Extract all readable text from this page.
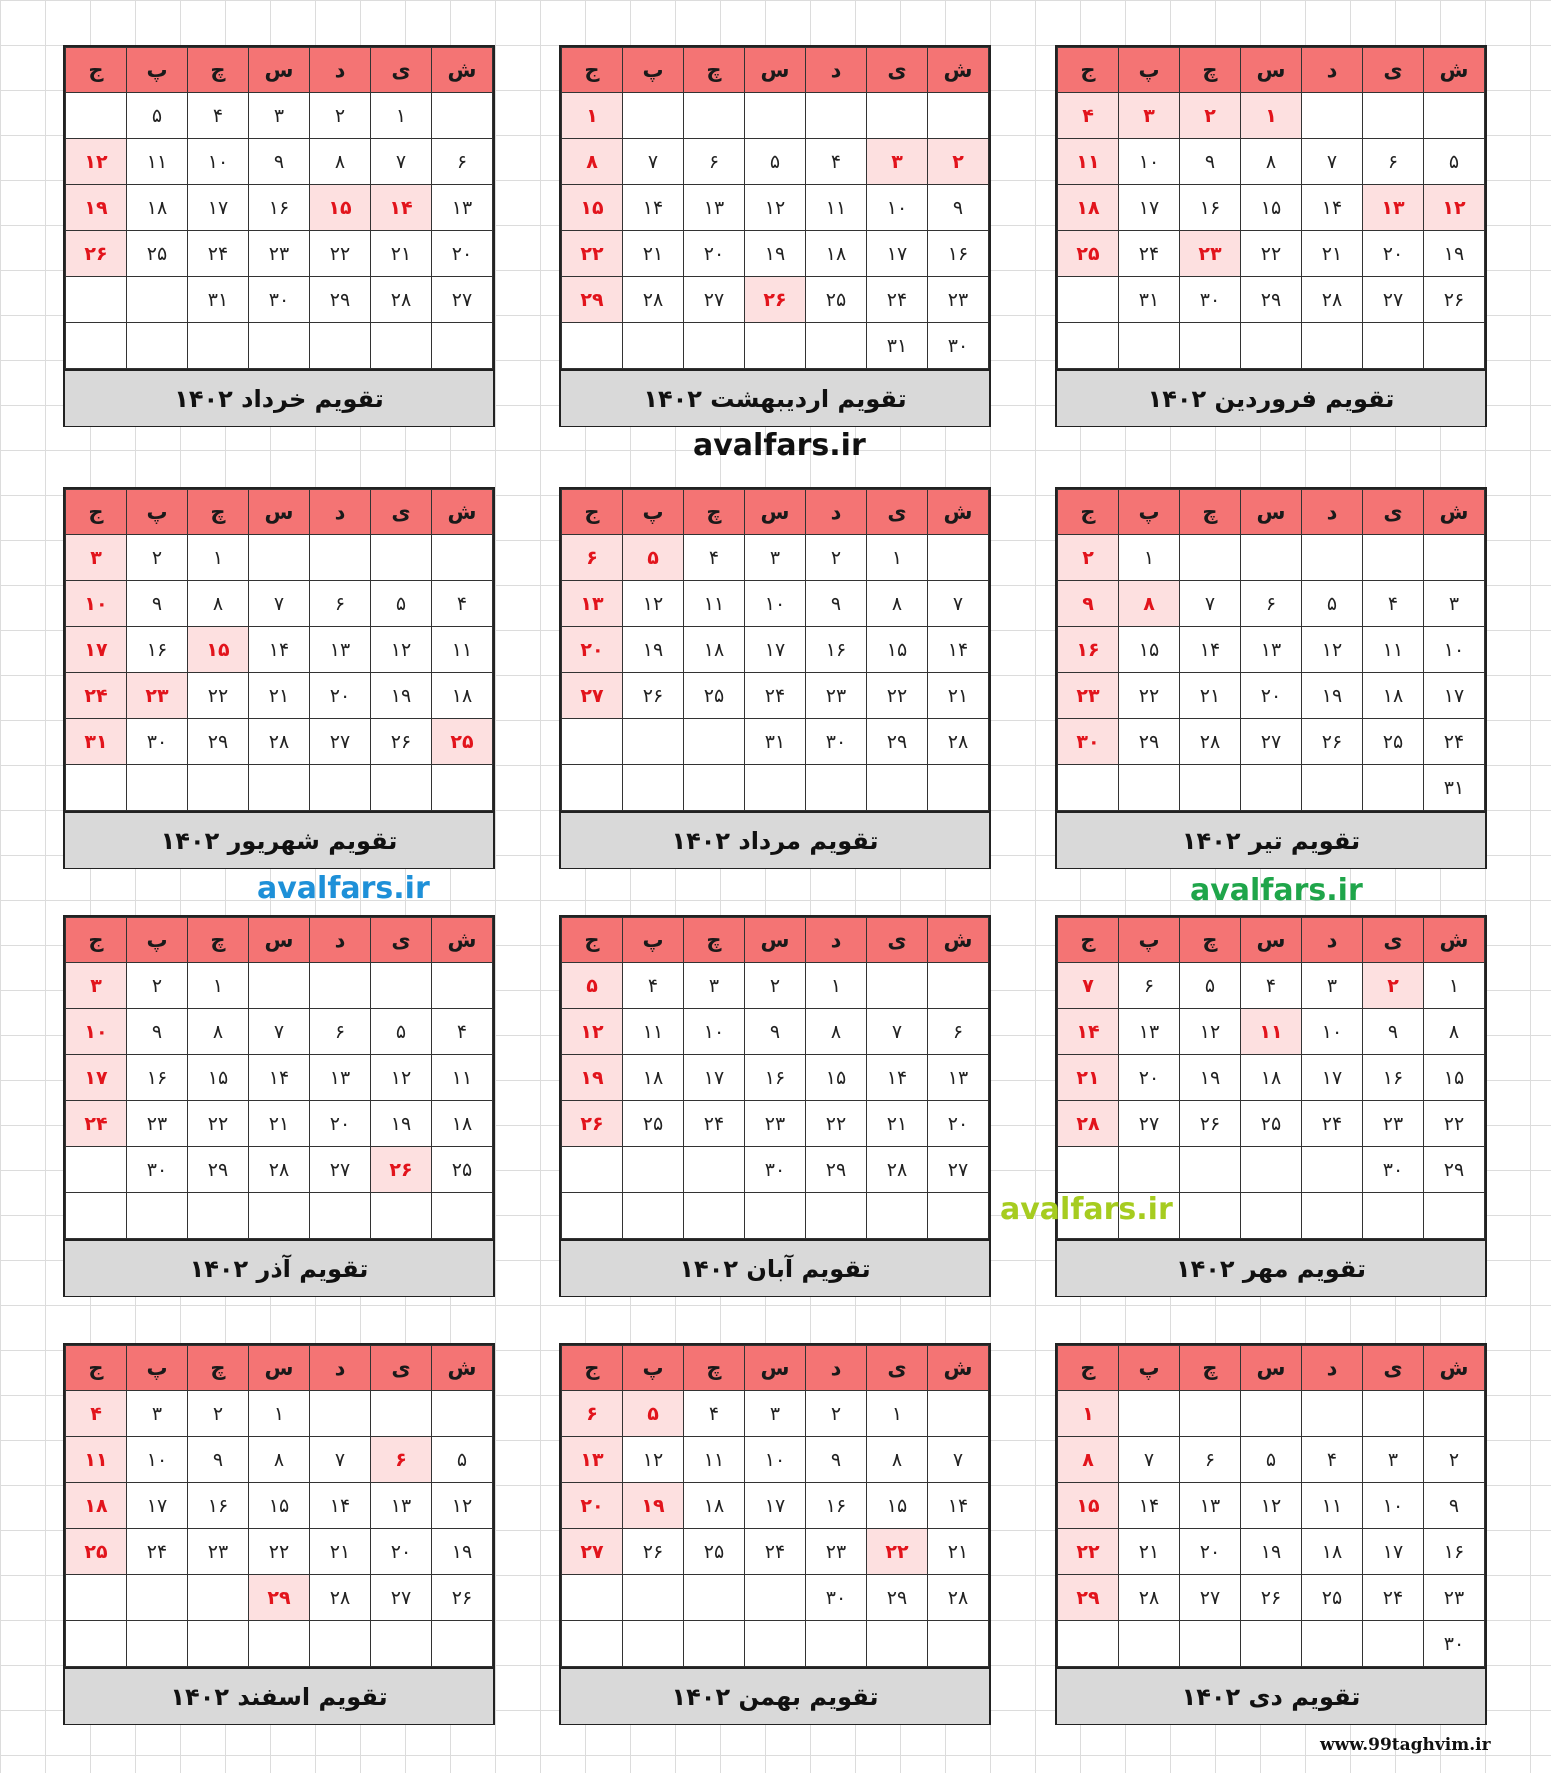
ش	ی	د	س	چ	پ	ج
			۱	۲	۳	۴
۵	۶	۷	۸	۹	۱۰	۱۱
۱۲	۱۳	۱۴	۱۵	۱۶	۱۷	۱۸
۱۹	۲۰	۲۱	۲۲	۲۳	۲۴	۲۵
۲۶	۲۷	۲۸	۲۹	۳۰	۳۱	

تقویم فروردین ۱۴۰۲
ش	ی	د	س	چ	پ	ج
						۱
۲	۳	۴	۵	۶	۷	۸
۹	۱۰	۱۱	۱۲	۱۳	۱۴	۱۵
۱۶	۱۷	۱۸	۱۹	۲۰	۲۱	۲۲
۲۳	۲۴	۲۵	۲۶	۲۷	۲۸	۲۹
۳۰	۳۱					
تقویم اردیبهشت ۱۴۰۲
ش	ی	د	س	چ	پ	ج
	۱	۲	۳	۴	۵	
۶	۷	۸	۹	۱۰	۱۱	۱۲
۱۳	۱۴	۱۵	۱۶	۱۷	۱۸	۱۹
۲۰	۲۱	۲۲	۲۳	۲۴	۲۵	۲۶
۲۷	۲۸	۲۹	۳۰	۳۱		

تقویم خرداد ۱۴۰۲
ش	ی	د	س	چ	پ	ج
					۱	۲
۳	۴	۵	۶	۷	۸	۹
۱۰	۱۱	۱۲	۱۳	۱۴	۱۵	۱۶
۱۷	۱۸	۱۹	۲۰	۲۱	۲۲	۲۳
۲۴	۲۵	۲۶	۲۷	۲۸	۲۹	۳۰
۳۱						
تقویم تیر ۱۴۰۲
ش	ی	د	س	چ	پ	ج
	۱	۲	۳	۴	۵	۶
۷	۸	۹	۱۰	۱۱	۱۲	۱۳
۱۴	۱۵	۱۶	۱۷	۱۸	۱۹	۲۰
۲۱	۲۲	۲۳	۲۴	۲۵	۲۶	۲۷
۲۸	۲۹	۳۰	۳۱			

تقویم مرداد ۱۴۰۲
ش	ی	د	س	چ	پ	ج
				۱	۲	۳
۴	۵	۶	۷	۸	۹	۱۰
۱۱	۱۲	۱۳	۱۴	۱۵	۱۶	۱۷
۱۸	۱۹	۲۰	۲۱	۲۲	۲۳	۲۴
۲۵	۲۶	۲۷	۲۸	۲۹	۳۰	۳۱

تقویم شهریور ۱۴۰۲
ش	ی	د	س	چ	پ	ج
۱	۲	۳	۴	۵	۶	۷
۸	۹	۱۰	۱۱	۱۲	۱۳	۱۴
۱۵	۱۶	۱۷	۱۸	۱۹	۲۰	۲۱
۲۲	۲۳	۲۴	۲۵	۲۶	۲۷	۲۸
۲۹	۳۰					

تقویم مهر ۱۴۰۲
ش	ی	د	س	چ	پ	ج
		۱	۲	۳	۴	۵
۶	۷	۸	۹	۱۰	۱۱	۱۲
۱۳	۱۴	۱۵	۱۶	۱۷	۱۸	۱۹
۲۰	۲۱	۲۲	۲۳	۲۴	۲۵	۲۶
۲۷	۲۸	۲۹	۳۰			

تقویم آبان ۱۴۰۲
ش	ی	د	س	چ	پ	ج
				۱	۲	۳
۴	۵	۶	۷	۸	۹	۱۰
۱۱	۱۲	۱۳	۱۴	۱۵	۱۶	۱۷
۱۸	۱۹	۲۰	۲۱	۲۲	۲۳	۲۴
۲۵	۲۶	۲۷	۲۸	۲۹	۳۰	

تقویم آذر ۱۴۰۲
ش	ی	د	س	چ	پ	ج
						۱
۲	۳	۴	۵	۶	۷	۸
۹	۱۰	۱۱	۱۲	۱۳	۱۴	۱۵
۱۶	۱۷	۱۸	۱۹	۲۰	۲۱	۲۲
۲۳	۲۴	۲۵	۲۶	۲۷	۲۸	۲۹
۳۰						
تقویم دی ۱۴۰۲
ش	ی	د	س	چ	پ	ج
	۱	۲	۳	۴	۵	۶
۷	۸	۹	۱۰	۱۱	۱۲	۱۳
۱۴	۱۵	۱۶	۱۷	۱۸	۱۹	۲۰
۲۱	۲۲	۲۳	۲۴	۲۵	۲۶	۲۷
۲۸	۲۹	۳۰				

تقویم بهمن ۱۴۰۲
ش	ی	د	س	چ	پ	ج
			۱	۲	۳	۴
۵	۶	۷	۸	۹	۱۰	۱۱
۱۲	۱۳	۱۴	۱۵	۱۶	۱۷	۱۸
۱۹	۲۰	۲۱	۲۲	۲۳	۲۴	۲۵
۲۶	۲۷	۲۸	۲۹			

تقویم اسفند ۱۴۰۲
avalfars.ir
avalfars.ir	avalfars.ir
avalfars.ir
www.99taghvim.ir
